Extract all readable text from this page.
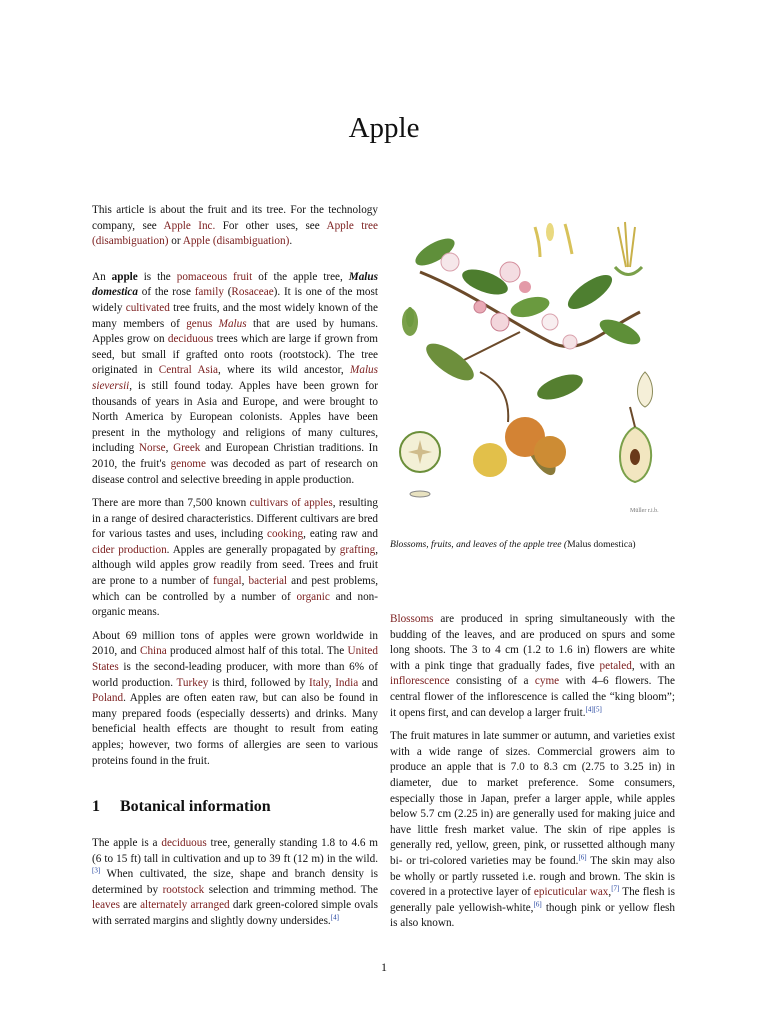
Apple

This article is about the fruit and its tree. For the technology company, see Apple Inc. For other uses, see Apple tree (disambiguation) or Apple (disambiguation).

An apple is the pomaceous fruit of the apple tree, Malus domestica of the rose family (Rosaceae). It is one of the most widely cultivated tree fruits, and the most widely known of the many members of genus Malus that are used by humans. Apples grow on deciduous trees which are large if grown from seed, but small if grafted onto roots (rootstock). The tree originated in Central Asia, where its wild ancestor, Malus sieversii, is still found today. Apples have been grown for thousands of years in Asia and Europe, and were brought to North America by European colonists. Apples have been present in the mythology and religions of many cultures, including Norse, Greek and European Christian traditions. In 2010, the fruit's genome was decoded as part of research on disease control and selective breeding in apple production.

There are more than 7,500 known cultivars of apples, resulting in a range of desired characteristics. Different cultivars are bred for various tastes and uses, including cooking, eating raw and cider production. Apples are generally propagated by grafting, although wild apples grow readily from seed. Trees and fruit are prone to a number of fungal, bacterial and pest problems, which can be controlled by a number of organic and non-organic means.

About 69 million tons of apples were grown worldwide in 2010, and China produced almost half of this total. The United States is the second-leading producer, with more than 6% of world production. Turkey is third, followed by Italy, India and Poland. Apples are often eaten raw, but can also be found in many prepared foods (especially desserts) and drinks. Many beneficial health effects are thought to result from eating apples; however, two forms of allergies are seen to various proteins found in the fruit.

1 Botanical information
The apple is a deciduous tree, generally standing 1.8 to 4.6 m (6 to 15 ft) tall in cultivation and up to 39 ft (12 m) in the wild.[3] When cultivated, the size, shape and branch density is determined by rootstock selection and trimming method. The leaves are alternately arranged dark green-colored simple ovals with serrated margins and slightly downy undersides.[4]
Müller r.i.b.
Blossoms, fruits, and leaves of the apple tree (Malus domestica)

Blossoms are produced in spring simultaneously with the budding of the leaves, and are produced on spurs and some long shoots. The 3 to 4 cm (1.2 to 1.6 in) flowers are white with a pink tinge that gradually fades, five petaled, with an inflorescence consisting of a cyme with 4–6 flowers. The central flower of the inflorescence is called the “king bloom”; it opens first, and can develop a larger fruit.[4][5]

The fruit matures in late summer or autumn, and varieties exist with a wide range of sizes. Commercial growers aim to produce an apple that is 7.0 to 8.3 cm (2.75 to 3.25 in) in diameter, due to market preference. Some consumers, especially those in Japan, prefer a larger apple, while apples below 5.7 cm (2.25 in) are generally used for making juice and have little fresh market value. The skin of ripe apples is generally red, yellow, green, pink, or russetted although many bi- or tri-colored varieties may be found.[6] The skin may also be wholly or partly russeted i.e. rough and brown. The skin is covered in a protective layer of epicuticular wax,[7] The flesh is generally pale yellowish-white,[6] though pink or yellow flesh is also known.

1
